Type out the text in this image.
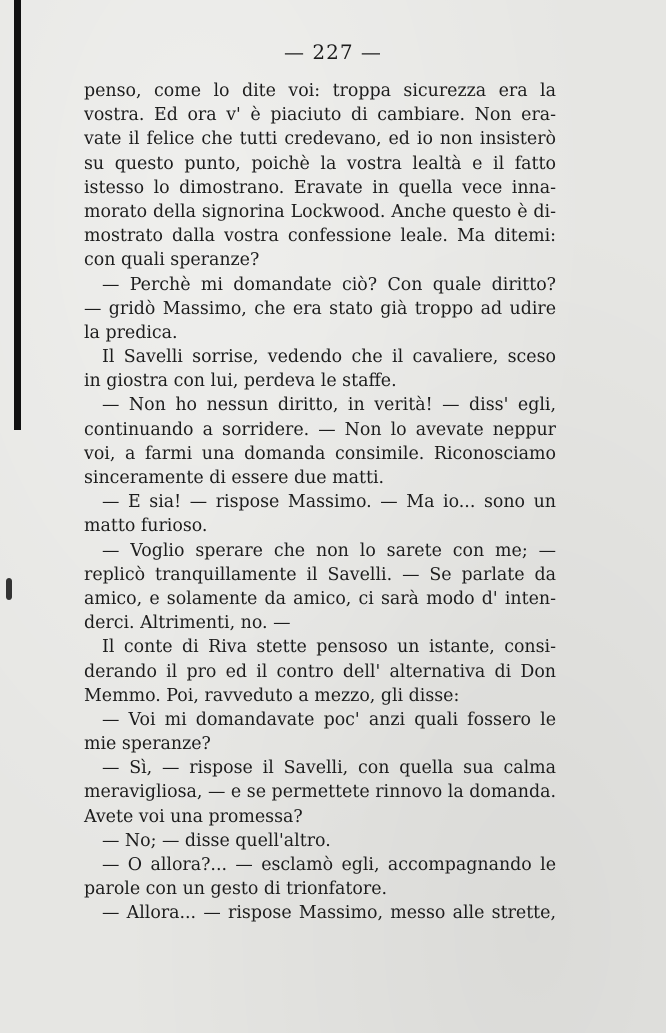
— 227 —
penso, come lo dite voi: troppa sicurezza era la
vostra. Ed ora v' è piaciuto di cambiare. Non era-
vate il felice che tutti credevano, ed io non insisterò
su questo punto, poichè la vostra lealtà e il fatto
istesso lo dimostrano. Eravate in quella vece inna-
morato della signorina Lockwood. Anche questo è di-
mostrato dalla vostra confessione leale. Ma ditemi:
con quali speranze?
— Perchè mi domandate ciò? Con quale diritto?
— gridò Massimo, che era stato già troppo ad udire
la predica.
Il Savelli sorrise, vedendo che il cavaliere, sceso
in giostra con lui, perdeva le staffe.
— Non ho nessun diritto, in verità! — diss' egli,
continuando a sorridere. — Non lo avevate neppur
voi, a farmi una domanda consimile. Riconosciamo
sinceramente di essere due matti.
— E sia! — rispose Massimo. — Ma io... sono un
matto furioso.
— Voglio sperare che non lo sarete con me; —
replicò tranquillamente il Savelli. — Se parlate da
amico, e solamente da amico, ci sarà modo d' inten-
derci. Altrimenti, no. —
Il conte di Riva stette pensoso un istante, consi-
derando il pro ed il contro dell' alternativa di Don
Memmo. Poi, ravveduto a mezzo, gli disse:
— Voi mi domandavate poc' anzi quali fossero le
mie speranze?
— Sì, — rispose il Savelli, con quella sua calma
meravigliosa, — e se permettete rinnovo la domanda.
Avete voi una promessa?
— No; — disse quell'altro.
— O allora?... — esclamò egli, accompagnando le
parole con un gesto di trionfatore.
— Allora... — rispose Massimo, messo alle strette,
